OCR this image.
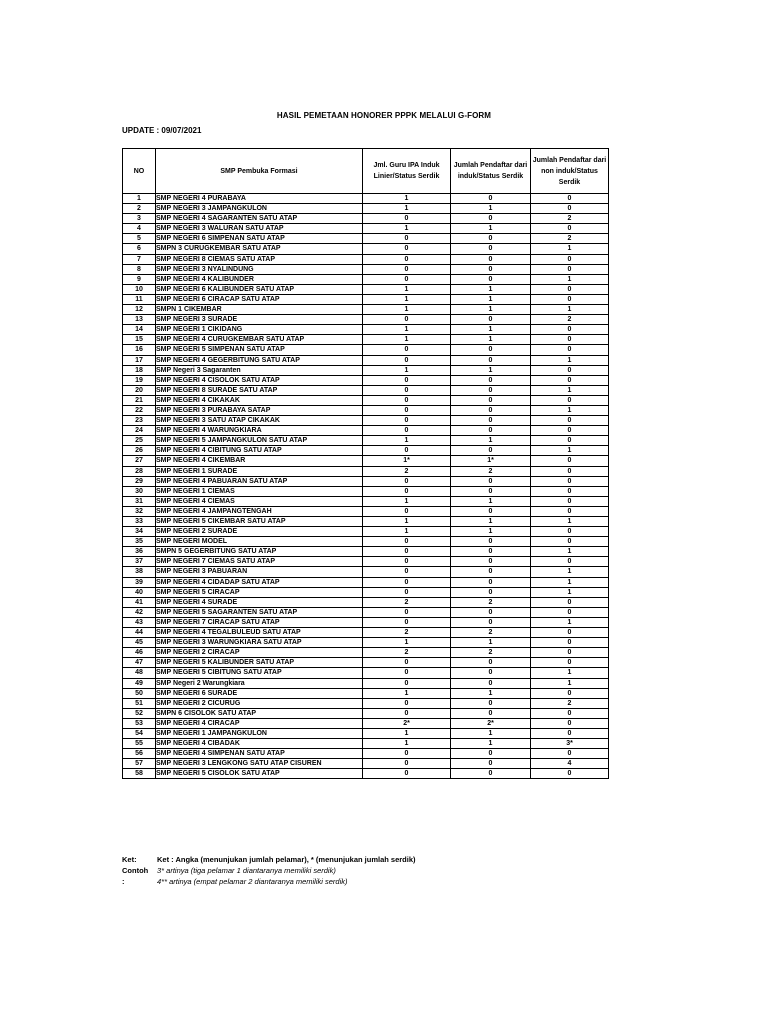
HASIL PEMETAAN HONORER PPPK MELALUI G-FORM
UPDATE : 09/07/2021
NO	SMP Pembuka Formasi	Jml. Guru IPA Induk Linier/Status Serdik	Jumlah Pendaftar dari induk/Status Serdik	Jumlah Pendaftar dari non induk/Status Serdik
1	SMP NEGERI 4 PURABAYA	1	0	0
2	SMP NEGERI 3 JAMPANGKULON	1	1	0
3	SMP NEGERI 4 SAGARANTEN SATU ATAP	0	0	2
4	SMP NEGERI 3 WALURAN SATU ATAP	1	1	0
5	SMP NEGERI 6 SIMPENAN SATU ATAP	0	0	2
6	SMPN 3 CURUGKEMBAR SATU ATAP	0	0	1
7	SMP NEGERI 8 CIEMAS SATU ATAP	0	0	0
8	SMP NEGERI 3 NYALINDUNG	0	0	0
9	SMP NEGERI 4 KALIBUNDER	0	0	1
10	SMP NEGERI 6 KALIBUNDER SATU ATAP	1	1	0
11	SMP NEGERI 6 CIRACAP SATU ATAP	1	1	0
12	SMPN 1 CIKEMBAR	1	1	1
13	SMP NEGERI 3 SURADE	0	0	2
14	SMP NEGERI 1 CIKIDANG	1	1	0
15	SMP NEGERI 4 CURUGKEMBAR SATU ATAP	1	1	0
16	SMP NEGERI 5 SIMPENAN SATU ATAP	0	0	0
17	SMP NEGERI 4 GEGERBITUNG SATU ATAP	0	0	1
18	SMP Negeri 3 Sagaranten	1	1	0
19	SMP NEGERI 4 CISOLOK SATU ATAP	0	0	0
20	SMP NEGERI 8 SURADE SATU ATAP	0	0	1
21	SMP NEGERI 4 CIKAKAK	0	0	0
22	SMP NEGERI 3 PURABAYA SATAP	0	0	1
23	SMP NEGERI 3 SATU ATAP CIKAKAK	0	0	0
24	SMP NEGERI 4 WARUNGKIARA	0	0	0
25	SMP NEGERI 5 JAMPANGKULON SATU ATAP	1	1	0
26	SMP NEGERI 4 CIBITUNG SATU ATAP	0	0	1
27	SMP NEGERI 4 CIKEMBAR	1*	1*	0
28	SMP NEGERI 1 SURADE	2	2	0
29	SMP NEGERI 4 PABUARAN SATU ATAP	0	0	0
30	SMP NEGERI 1 CIEMAS	0	0	0
31	SMP NEGERI 4 CIEMAS	1	1	0
32	SMP NEGERI 4 JAMPANGTENGAH	0	0	0
33	SMP NEGERI 5 CIKEMBAR SATU ATAP	1	1	1
34	SMP NEGERI 2 SURADE	1	1	0
35	SMP NEGERI MODEL	0	0	0
36	SMPN 5 GEGERBITUNG SATU ATAP	0	0	1
37	SMP NEGERI 7 CIEMAS SATU ATAP	0	0	0
38	SMP NEGERI 3 PABUARAN	0	0	1
39	SMP NEGERI 4 CIDADAP SATU ATAP	0	0	1
40	SMP NEGERI 5 CIRACAP	0	0	1
41	SMP NEGERI 4 SURADE	2	2	0
42	SMP NEGERI 5 SAGARANTEN SATU ATAP	0	0	0
43	SMP NEGERI 7 CIRACAP SATU ATAP	0	0	1
44	SMP NEGERI 4 TEGALBULEUD SATU ATAP	2	2	0
45	SMP NEGERI 3 WARUNGKIARA SATU ATAP	1	1	0
46	SMP NEGERI 2 CIRACAP	2	2	0
47	SMP NEGERI 5 KALIBUNDER SATU ATAP	0	0	0
48	SMP NEGERI 5 CIBITUNG SATU ATAP	0	0	1
49	SMP Negeri 2 Warungkiara	0	0	1
50	SMP NEGERI 6 SURADE	1	1	0
51	SMP NEGERI 2 CICURUG	0	0	2
52	SMPN 6 CISOLOK SATU ATAP	0	0	0
53	SMP NEGERI 4 CIRACAP	2*	2*	0
54	SMP NEGERI 1 JAMPANGKULON	1	1	0
55	SMP NEGERI 4 CIBADAK	1	1	3*
56	SMP NEGERI 4 SIMPENAN SATU ATAP	0	0	0
57	SMP NEGERI 3 LENGKONG SATU ATAP CISUREN	0	0	4
58	SMP NEGERI 5 CISOLOK SATU ATAP	0	0	0
Ket:	Ket : Angka (menunjukan jumlah pelamar), * (menunjukan jumlah serdik)
Contoh :
3* artinya (tiga pelamar 1 diantaranya memiliki serdik)
4** artinya (empat pelamar 2 diantaranya memiliki serdik)
